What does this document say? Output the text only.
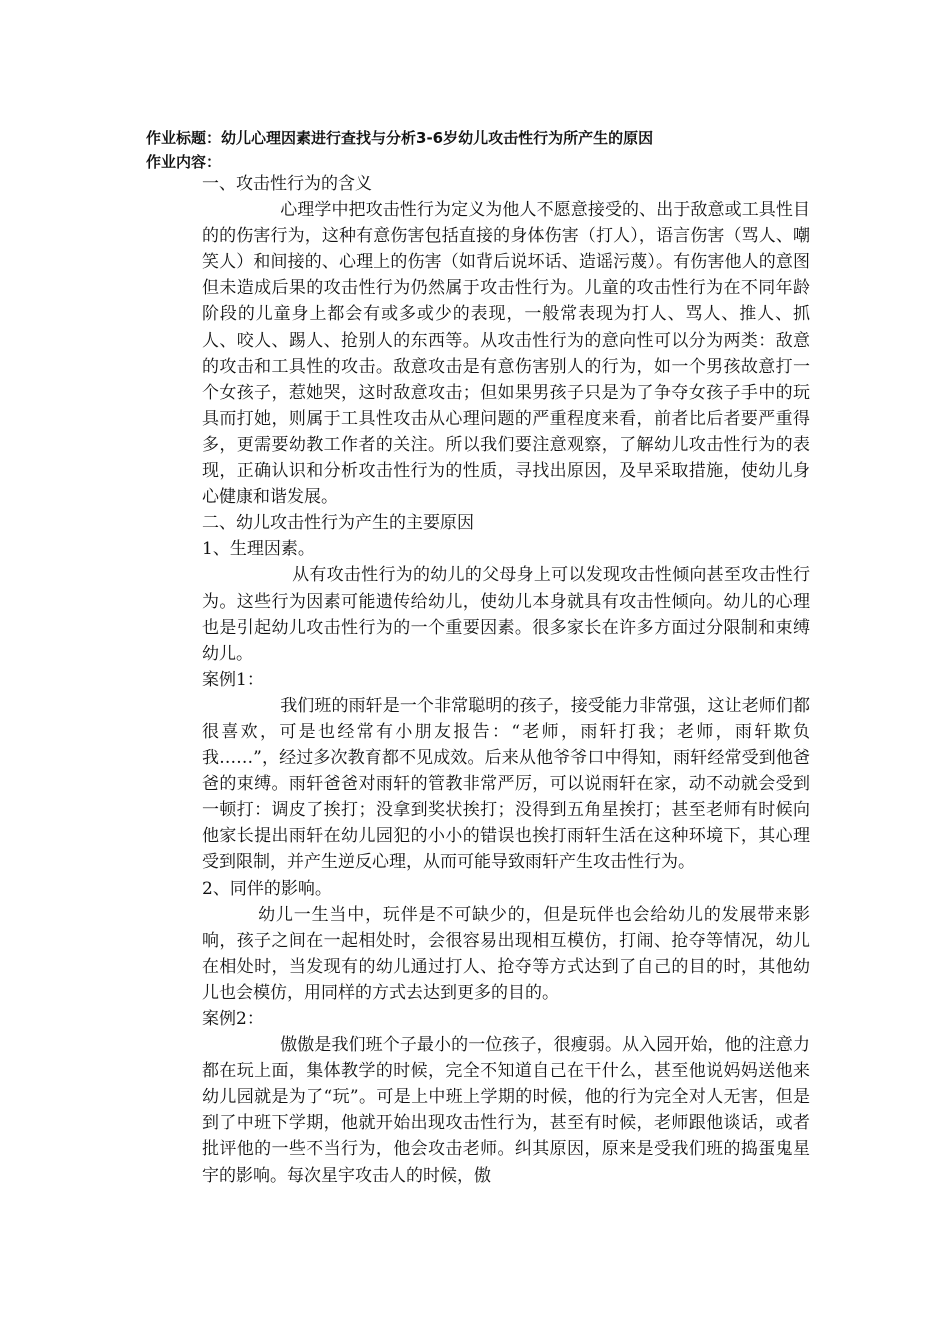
作业标题：幼儿心理因素进行查找与分析3-6岁幼儿攻击性行为所产生的原因
作业内容：

一、攻击性行为的含义

心理学中把攻击性行为定义为他人不愿意接受的、出于敌意或工具性目的的伤害行为，这种有意伤害包括直接的身体伤害（打人），语言伤害（骂人、嘲笑人）和间接的、心理上的伤害（如背后说坏话、造谣污蔑）。有伤害他人的意图但未造成后果的攻击性行为仍然属于攻击性行为。儿童的攻击性行为在不同年龄阶段的儿童身上都会有或多或少的表现，一般常表现为打人、骂人、推人、抓人、咬人、踢人、抢别人的东西等。从攻击性行为的意向性可以分为两类：敌意的攻击和工具性的攻击。敌意攻击是有意伤害别人的行为，如一个男孩故意打一个女孩子，惹她哭，这时敌意攻击；但如果男孩子只是为了争夺女孩子手中的玩具而打她，则属于工具性攻击从心理问题的严重程度来看，前者比后者要严重得多，更需要幼教工作者的关注。所以我们要注意观察，了解幼儿攻击性行为的表现，正确认识和分析攻击性行为的性质，寻找出原因，及早采取措施，使幼儿身心健康和谐发展。

二、幼儿攻击性行为产生的主要原因

1、生理因素。

从有攻击性行为的幼儿的父母身上可以发现攻击性倾向甚至攻击性行为。这些行为因素可能遗传给幼儿，使幼儿本身就具有攻击性倾向。幼儿的心理也是引起幼儿攻击性行为的一个重要因素。很多家长在许多方面过分限制和束缚幼儿。

案例1：

我们班的雨轩是一个非常聪明的孩子，接受能力非常强，这让老师们都很喜欢，可是也经常有小朋友报告：“老师，雨轩打我；老师，雨轩欺负我……”，经过多次教育都不见成效。后来从他爷爷口中得知，雨轩经常受到他爸爸的束缚。雨轩爸爸对雨轩的管教非常严厉，可以说雨轩在家，动不动就会受到一顿打：调皮了挨打；没拿到奖状挨打；没得到五角星挨打；甚至老师有时候向他家长提出雨轩在幼儿园犯的小小的错误也挨打雨轩生活在这种环境下，其心理受到限制，并产生逆反心理，从而可能导致雨轩产生攻击性行为。

2、同伴的影响。

幼儿一生当中，玩伴是不可缺少的，但是玩伴也会给幼儿的发展带来影响，孩子之间在一起相处时，会很容易出现相互模仿，打闹、抢夺等情况，幼儿在相处时，当发现有的幼儿通过打人、抢夺等方式达到了自己的目的时，其他幼儿也会模仿，用同样的方式去达到更多的目的。

案例2：

傲傲是我们班个子最小的一位孩子，很瘦弱。从入园开始，他的注意力都在玩上面，集体教学的时候，完全不知道自己在干什么，甚至他说妈妈送他来幼儿园就是为了“玩”。可是上中班上学期的时候，他的行为完全对人无害，但是到了中班下学期，他就开始出现攻击性行为，甚至有时候，老师跟他谈话，或者批评他的一些不当行为，他会攻击老师。纠其原因，原来是受我们班的捣蛋鬼星宇的影响。每次星宇攻击人的时候，傲
